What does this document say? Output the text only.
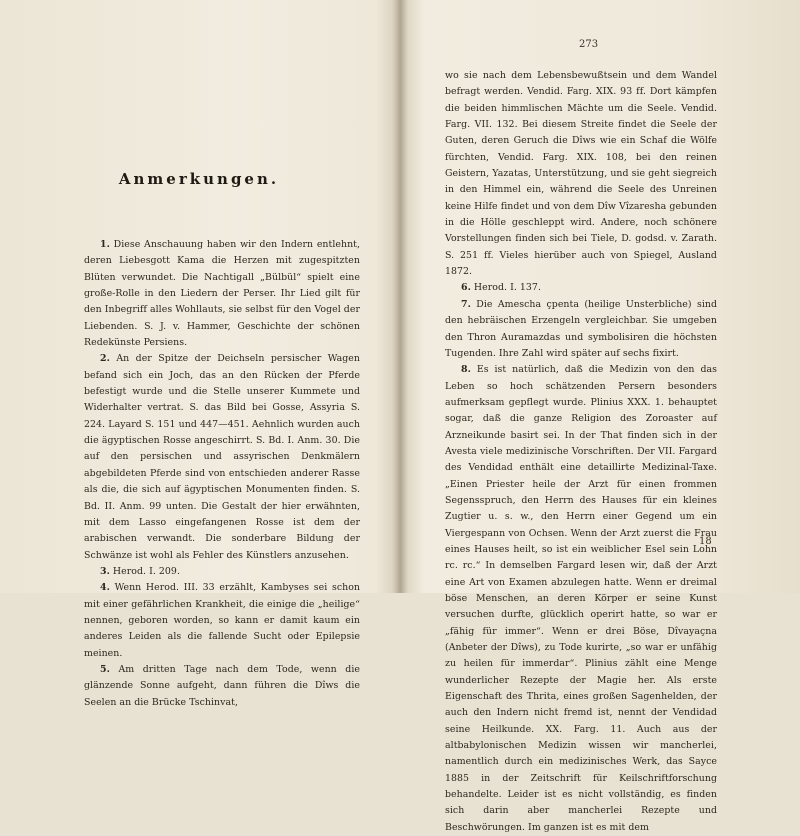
Anmerkungen.

1. Diese Anschauung haben wir den Indern entlehnt, deren Liebesgott Kama die Herzen mit zugespitzten Blüten verwundet. Die Nachtigall „Bülbül“ spielt eine große-Rolle in den Liedern der Perser. Ihr Lied gilt für den Inbegriff alles Wohllauts, sie selbst für den Vogel der Liebenden. S. J. v. Hammer, Geschichte der schönen Redekünste Persiens.

2. An der Spitze der Deichseln persischer Wagen befand sich ein Joch, das an den Rücken der Pferde befestigt wurde und die Stelle unserer Kummete und Widerhalter vertrat. S. das Bild bei Gosse, Assyria S. 224. Layard S. 151 und 447—451. Aehnlich wurden auch die ägyptischen Rosse angeschirrt. S. Bd. I. Anm. 30. Die auf den persischen und assyrischen Denkmälern abgebildeten Pferde sind von entschieden anderer Rasse als die, die sich auf ägyptischen Monumenten finden. S. Bd. II. Anm. 99 unten. Die Gestalt der hier erwähnten, mit dem Lasso eingefangenen Rosse ist dem der arabischen verwandt. Die sonderbare Bildung der Schwänze ist wohl als Fehler des Künstlers anzusehen.

3. Herod. I. 209.

4. Wenn Herod. III. 33 erzählt, Kambyses sei schon mit einer gefährlichen Krankheit, die einige die „heilige“ nennen, geboren worden, so kann er damit kaum ein anderes Leiden als die fallende Sucht oder Epilepsie meinen.

5. Am dritten Tage nach dem Tode, wenn die glänzende Sonne aufgeht, dann führen die Dîws die Seelen an die Brücke Tschinvat,

273

wo sie nach dem Lebensbewußtsein und dem Wandel befragt werden. Vendid. Farg. XIX. 93 ff. Dort kämpfen die beiden himmlischen Mächte um die Seele. Vendid. Farg. VII. 132. Bei diesem Streite findet die Seele der Guten, deren Geruch die Dîws wie ein Schaf die Wölfe fürchten, Vendid. Farg. XIX. 108, bei den reinen Geistern, Yazatas, Unterstützung, und sie geht siegreich in den Himmel ein, während die Seele des Unreinen keine Hilfe findet und von dem Dîw Vîzaresha gebunden in die Hölle geschleppt wird. Andere, noch schönere Vorstellungen finden sich bei Tiele, D. godsd. v. Zarath. S. 251 ff. Vieles hierüber auch von Spiegel, Ausland 1872.

6. Herod. I. 137.

7. Die Amescha çpenta (heilige Unsterbliche) sind den hebräischen Erzengeln vergleichbar. Sie umgeben den Thron Auramazdas und symbolisiren die höchsten Tugenden. Ihre Zahl wird später auf sechs fixirt.

8. Es ist natürlich, daß die Medizin von den das Leben so hoch schätzenden Persern besonders aufmerksam gepflegt wurde. Plinius XXX. 1. behauptet sogar, daß die ganze Religion des Zoroaster auf Arzneikunde basirt sei. In der That finden sich in der Avesta viele medizinische Vorschriften. Der VII. Fargard des Vendidad enthält eine detaillirte Medizinal-Taxe. „Einen Priester heile der Arzt für einen frommen Segensspruch, den Herrn des Hauses für ein kleines Zugtier u. s. w., den Herrn einer Gegend um ein Viergespann von Ochsen. Wenn der Arzt zuerst die Frau eines Hauses heilt, so ist ein weiblicher Esel sein Lohn rc. rc.“ In demselben Fargard lesen wir, daß der Arzt eine Art von Examen abzulegen hatte. Wenn er dreimal böse Menschen, an deren Körper er seine Kunst versuchen durfte, glücklich operirt hatte, so war er „fähig für immer“. Wenn er drei Böse, Dîvayaçna (Anbeter der Dîws), zu Tode kurirte, „so war er unfähig zu heilen für immerdar“. Plinius zählt eine Menge wunderlicher Rezepte der Magie her. Als erste Eigenschaft des Thrita, eines großen Sagenhelden, der auch den Indern nicht fremd ist, nennt der Vendidad seine Heilkunde. XX. Farg. 11. Auch aus der altbabylonischen Medizin wissen wir mancherlei, namentlich durch ein medizinisches Werk, das Sayce 1885 in der Zeitschrift für Keilschriftforschung behandelte. Leider ist es nicht vollständig, es finden sich darin aber mancherlei Rezepte und Beschwörungen. Im ganzen ist es mit dem

18
